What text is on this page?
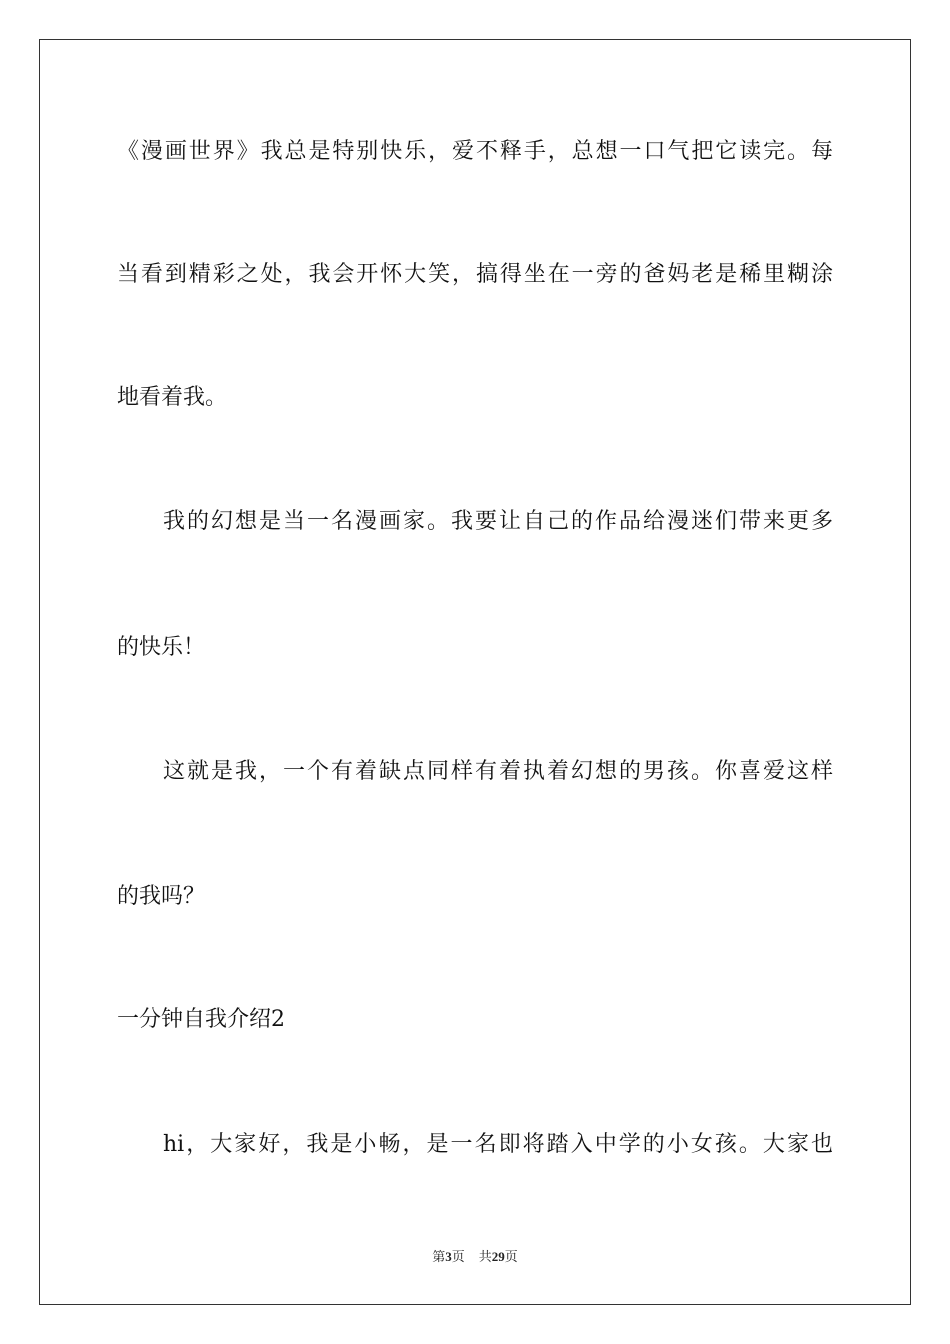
《漫画世界》我总是特别快乐，爱不释手，总想一口气把它读完。每
当看到精彩之处，我会开怀大笑，搞得坐在一旁的爸妈老是稀里糊涂
地看着我。
我的幻想是当一名漫画家。我要让自己的作品给漫迷们带来更多
的快乐！
这就是我，一个有着缺点同样有着执着幻想的男孩。你喜爱这样
的我吗？
一分钟自我介绍2
hi，大家好，我是小畅，是一名即将踏入中学的小女孩。大家也
第3页 共29页
